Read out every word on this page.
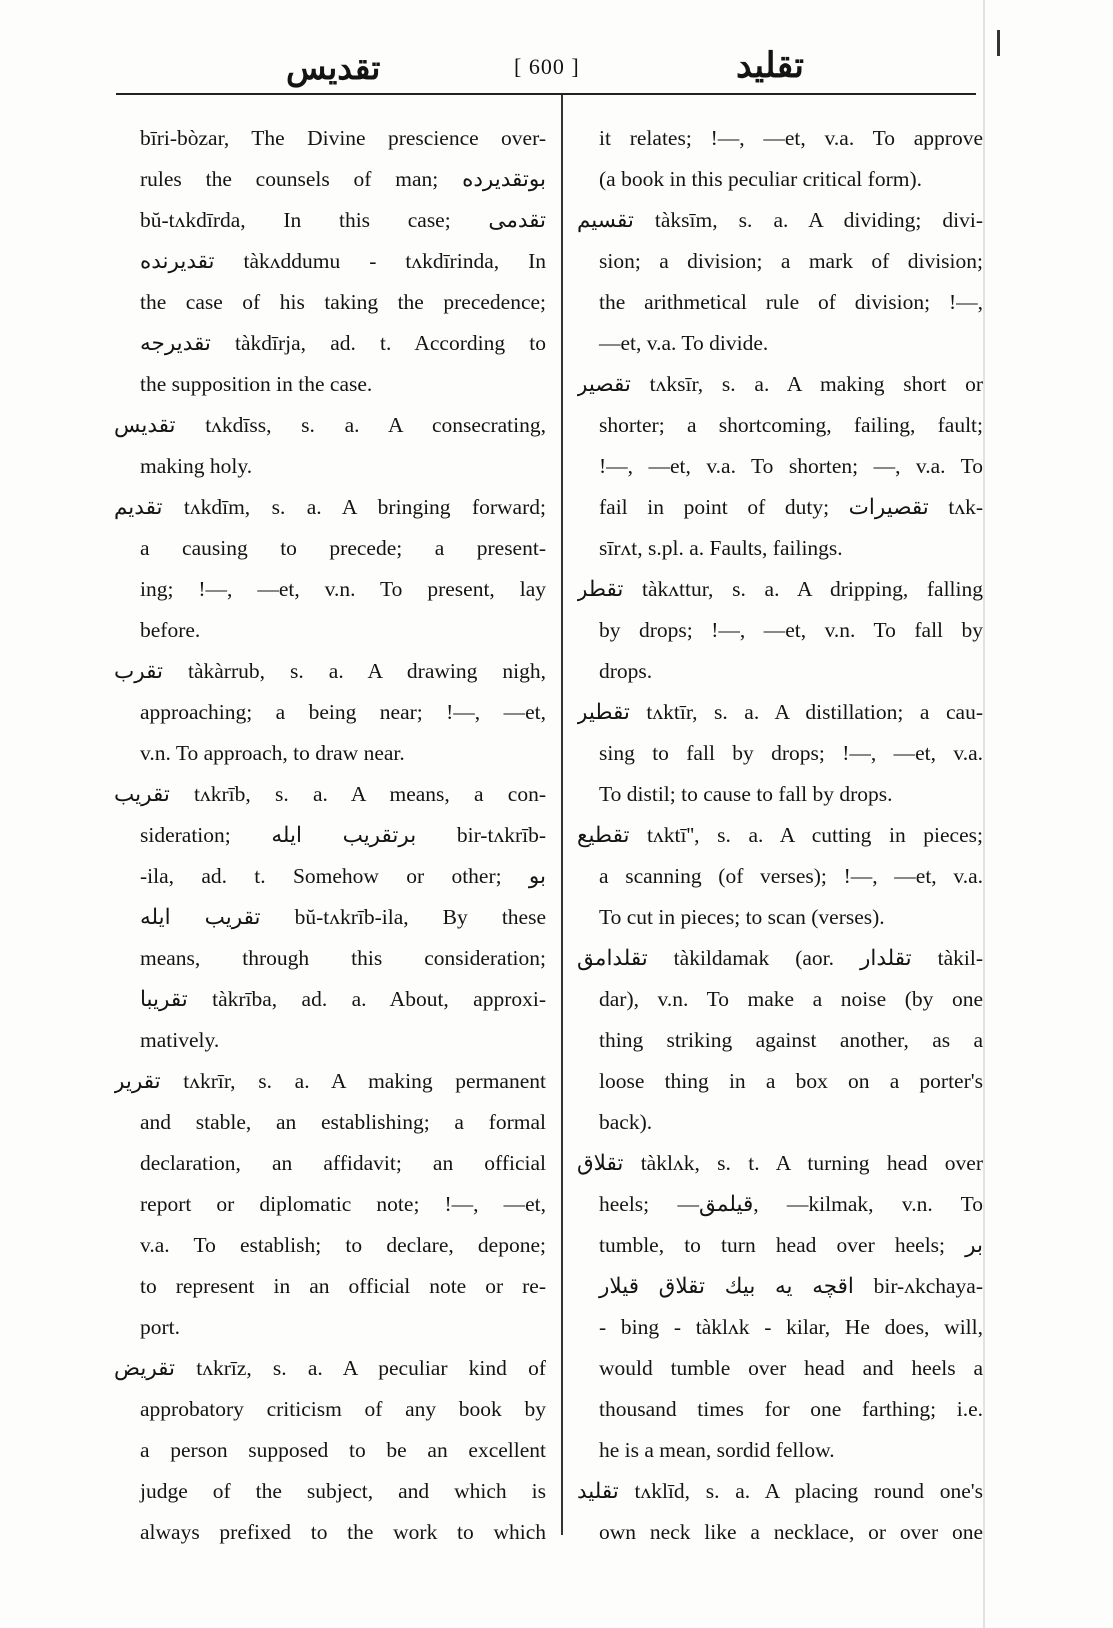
تقديس	[ 600 ]	تقليد
bīri-bòzar, The Divine prescience over-
rules the counsels of man; بوتقديرده
bŭ-tʌkdīrda, In this case; تقدمى
تقديرنده tàkʌddumu - tʌkdīrinda, In
the case of his taking the precedence;
تقديرجه tàkdīrja, ad. t. According to
the supposition in the case.
تقديس tʌkdīss, s. a. A consecrating,
making holy.
تقديم tʌkdīm, s. a. A bringing forward;
a causing to precede; a present-
ing; !—, —et, v.n. To present, lay
before.
تقرب tàkàrrub, s. a. A drawing nigh,
approaching; a being near; !—, —et,
v.n. To approach, to draw near.
تقريب tʌkrīb, s. a. A means, a con-
sideration; برتقريب ايله bir-tʌkrīb-
-ila, ad. t. Somehow or other; بو
تقريب ايله bŭ-tʌkrīb-ila, By these
means, through this consideration;
تقريبا tàkrība, ad. a. About, approxi-
matively.
تقرير tʌkrīr, s. a. A making permanent
and stable, an establishing; a formal
declaration, an affidavit; an official
report or diplomatic note; !—, —et,
v.a. To establish; to declare, depone;
to represent in an official note or re-
port.
تقريض tʌkrīz, s. a. A peculiar kind of
approbatory criticism of any book by
a person supposed to be an excellent
judge of the subject, and which is
always prefixed to the work to which
it relates; !—, —et, v.a. To approve
(a book in this peculiar critical form).
تقسيم tàksīm, s. a. A dividing; divi-
sion; a division; a mark of division;
the arithmetical rule of division; !—,
—et, v.a. To divide.
تقصير tʌksīr, s. a. A making short or
shorter; a shortcoming, failing, fault;
!—, —et, v.a. To shorten; —, v.a. To
fail in point of duty; تقصيرات tʌk-
sīrʌt, s.pl. a. Faults, failings.
تقطر tàkʌttur, s. a. A dripping, falling
by drops; !—, —et, v.n. To fall by
drops.
تقطير tʌktīr, s. a. A distillation; a cau-
sing to fall by drops; !—, —et, v.a.
To distil; to cause to fall by drops.
تقطيع tʌktī'', s. a. A cutting in pieces;
a scanning (of verses); !—, —et, v.a.
To cut in pieces; to scan (verses).
تقلدامق tàkildamak (aor. تقلدار tàkil-
dar), v.n. To make a noise (by one
thing striking against another, as a
loose thing in a box on a porter's
back).
تقلاق tàklʌk, s. t. A turning head over
heels; —قيلمق, —kilmak, v.n. To
tumble, to turn head over heels; بر
اقچه يه بيك تقلاق قيلار bir-ʌkchaya-
- bing - tàklʌk - kilar, He does, will,
would tumble over head and heels a
thousand times for one farthing; i.e.
he is a mean, sordid fellow.
تقليد tʌklīd, s. a. A placing round one's
own neck like a necklace, or over one
